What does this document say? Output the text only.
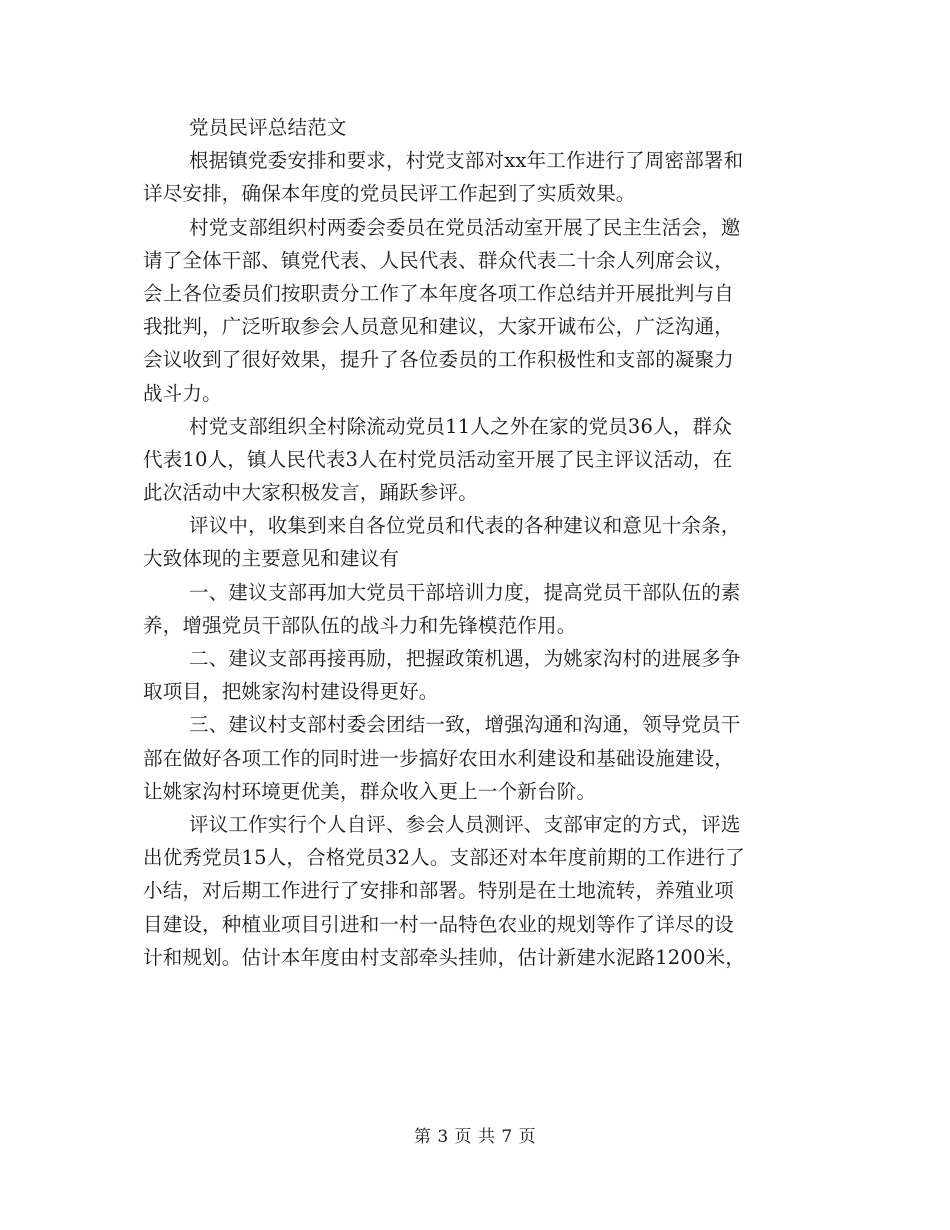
党员民评总结范文
根据镇党委安排和要求，村党支部对xx年工作进行了周密部署和
详尽安排，确保本年度的党员民评工作起到了实质效果。
村党支部组织村两委会委员在党员活动室开展了民主生活会，邀
请了全体干部、镇党代表、人民代表、群众代表二十余人列席会议，
会上各位委员们按职责分工作了本年度各项工作总结并开展批判与自
我批判，广泛听取参会人员意见和建议，大家开诚布公，广泛沟通，
会议收到了很好效果，提升了各位委员的工作积极性和支部的凝聚力
战斗力。
村党支部组织全村除流动党员11人之外在家的党员36人，群众
代表10人，镇人民代表3人在村党员活动室开展了民主评议活动，在
此次活动中大家积极发言，踊跃参评。
评议中，收集到来自各位党员和代表的各种建议和意见十余条，
大致体现的主要意见和建议有
一、建议支部再加大党员干部培训力度，提高党员干部队伍的素
养，增强党员干部队伍的战斗力和先锋模范作用。
二、建议支部再接再励，把握政策机遇，为姚家沟村的进展多争
取项目，把姚家沟村建设得更好。
三、建议村支部村委会团结一致，增强沟通和沟通，领导党员干
部在做好各项工作的同时进一步搞好农田水利建设和基础设施建设，
让姚家沟村环境更优美，群众收入更上一个新台阶。
评议工作实行个人自评、参会人员测评、支部审定的方式，评选
出优秀党员15人，合格党员32人。支部还对本年度前期的工作进行了
小结，对后期工作进行了安排和部署。特别是在土地流转，养殖业项
目建设，种植业项目引进和一村一品特色农业的规划等作了详尽的设
计和规划。估计本年度由村支部牵头挂帅，估计新建水泥路1200米，
第 3 页 共 7 页
